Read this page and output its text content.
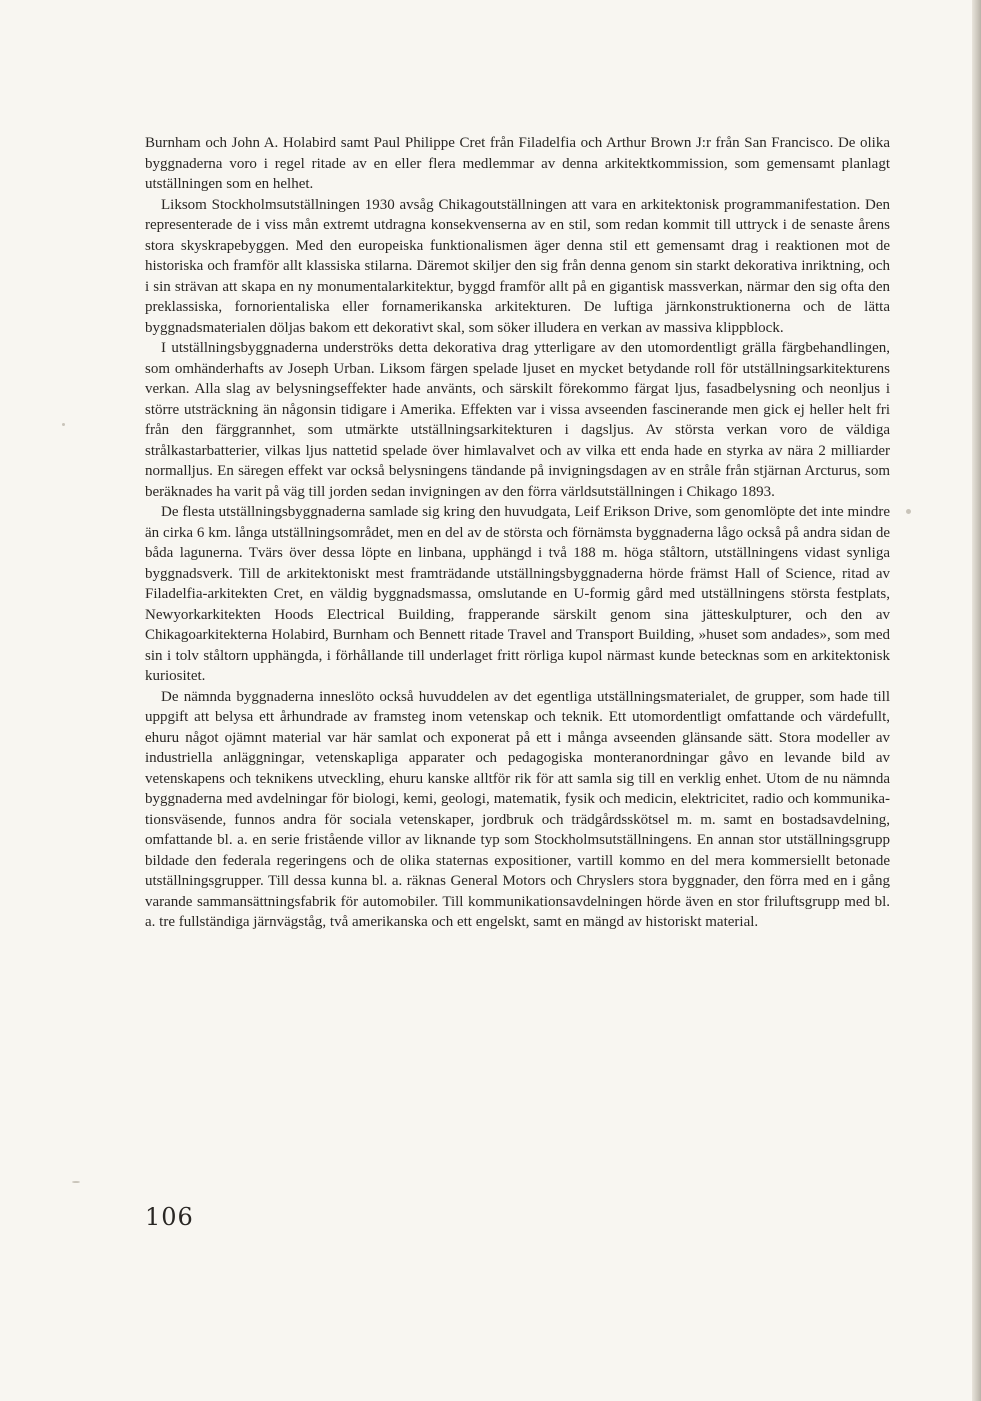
Burnham och John A. Holabird samt Paul Philippe Cret från Filadelfia och Arthur Brown J:r från San Francisco. De olika byggnaderna voro i regel ritade av en eller flera medlemmar av denna arkitektkommission, som gemensamt planlagt utställningen som en helhet.

Liksom Stockholmsutställningen 1930 avsåg Chikagoutställningen att vara en arkitektonisk programmanifestation. Den representerade de i viss mån extremt utdragna konsekvenserna av en stil, som redan kommit till uttryck i de senaste årens stora skyskrapebyggen. Med den europeiska funktionalismen äger denna stil ett gemensamt drag i reaktionen mot de historiska och framför allt klassiska stilarna. Däremot skiljer den sig från denna genom sin starkt dekorativa inriktning, och i sin strävan att skapa en ny monumentalarkitektur, byggd framför allt på en gigantisk massverkan, närmar den sig ofta den preklassiska, fornorientaliska eller fornamerikanska arkitekturen. De luftiga järnkonstruktionerna och de lätta byggnadsmaterialen döljas bakom ett dekorativt skal, som söker illudera en verkan av massiva klippblock.

I utställningsbyggnaderna underströks detta dekorativa drag ytterligare av den utomordentligt grälla färgbehandlingen, som omhänderhafts av Joseph Urban. Liksom färgen spelade ljuset en mycket betydande roll för utställningsarkitekturens verkan. Alla slag av belysningseffekter hade använts, och särskilt förekommo färgat ljus, fasadbelysning och neonljus i större utsträckning än någonsin tidigare i Amerika. Effekten var i vissa avseenden fascinerande men gick ej heller helt fri från den färggrannhet, som utmärkte utställningsarkitekturen i dagsljus. Av största verkan voro de väldiga strålkastarbatterier, vilkas ljus nattetid spelade över himlavalvet och av vilka ett enda hade en styrka av nära 2 milliarder normalljus. En säregen effekt var också belysningens tändande på invigningsdagen av en stråle från stjärnan Arcturus, som beräknades ha varit på väg till jorden sedan invigningen av den förra världsutställningen i Chikago 1893.

De flesta utställningsbyggnaderna samlade sig kring den huvudgata, Leif Erikson Drive, som genomlöpte det inte mindre än cirka 6 km. långa utställningsområdet, men en del av de största och förnämsta byggnaderna lågo också på andra sidan de båda lagunerna. Tvärs över dessa löpte en linbana, upphängd i två 188 m. höga ståltorn, utställningens vidast synliga byggnadsverk. Till de arkitektoniskt mest framträdande utställningsbyggnaderna hörde främst Hall of Science, ritad av Filadelfia-arkitekten Cret, en väldig byggnadsmassa, omslutande en U-formig gård med utställningens största festplats, Newyorkarkitekten Hoods Electrical Building, frapperande särskilt genom sina jätteskulpturer, och den av Chikagoarkitekterna Holabird, Burnham och Bennett ritade Travel and Transport Building, »huset som andades», som med sin i tolv ståltorn upphängda, i förhållande till underlaget fritt rörliga kupol närmast kunde betecknas som en arkitektonisk kuriositet.

De nämnda byggnaderna inneslöto också huvuddelen av det egentliga utställningsmaterialet, de grupper, som hade till uppgift att belysa ett århundrade av framsteg inom vetenskap och teknik. Ett utomordentligt omfattande och värdefullt, ehuru något ojämnt material var här samlat och exponerat på ett i många avseenden glänsande sätt. Stora modeller av industriella anläggningar, vetenskapliga apparater och pedagogiska monteranordningar gåvo en levande bild av vetenskapens och teknikens utveckling, ehuru kanske alltför rik för att samla sig till en verklig enhet. Utom de nu nämnda byggnaderna med avdelningar för biologi, kemi, geologi, matematik, fysik och medicin, elektricitet, radio och kommunikationsväsende, funnos andra för sociala vetenskaper, jordbruk och trädgårdsskötsel m. m. samt en bostadsavdelning, omfattande bl. a. en serie fristående villor av liknande typ som Stockholmsutställningens. En annan stor utställningsgrupp bildade den federala regeringens och de olika staternas expositioner, vartill kommo en del mera kommersiellt betonade utställningsgrupper. Till dessa kunna bl. a. räknas General Motors och Chryslers stora byggnader, den förra med en i gång varande sammansättningsfabrik för automobiler. Till kommunikationsavdelningen hörde även en stor friluftsgrupp med bl. a. tre fullständiga järnvägståg, två amerikanska och ett engelskt, samt en mängd av historiskt material.

106
